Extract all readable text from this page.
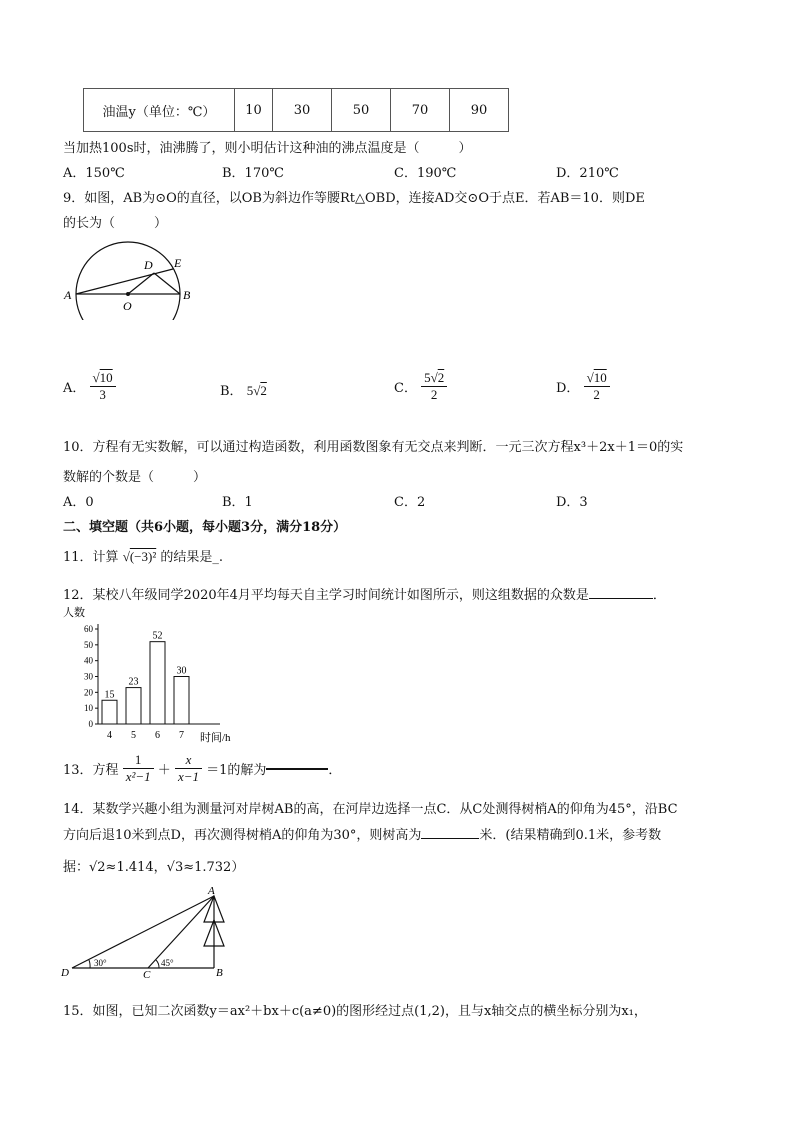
油温y（单位：℃）	10	30	50	70	90
当加热100s时，油沸腾了，则小明估计这种油的沸点温度是（　　　）
A．150℃	B．170℃	C．190℃	D．210℃
9．如图，AB为⊙O的直径，以OB为斜边作等腰Rt△OBD，连接AD交⊙O于点E．若AB＝10．则DE
的长为（　　　）
A	B
D E
O
A． $\frac{√10}{3}$	B． 5√2	C． $\frac{5√2}{2}$	D． $\frac{√10}{2}$
10．方程有无实数解，可以通过构造函数，利用函数图象有无交点来判断．一元三次方程x³＋2x＋1＝0的实
数解的个数是（　　　）
A．0	B．1	C．2	D．3
二、填空题（共6小题，每小题3分，满分18分）
11．计算 √(−3)² 的结果是_.
12．某校八年级同学2020年4月平均每天自主学习时间统计如图所示，则这组数据的众数是	．
人数
时间/h
0
10
20
30
40
50
60
15
4
23
5
52
6
30
7
13．方程 $\frac{1}{\text{x²−1}} + \frac{x}{x-1} =1$的解为	．
14．某数学兴趣小组为测量河对岸树AB的高，在河岸边选择一点C．从C处测得树梢A的仰角为45°，沿BC
方向后退10米到点D，再次测得树梢A的仰角为30°，则树高为	米．(结果精确到0.1米，参考数
据：√2≈1.414，√3≈1.732）
D	C	B
A
30°	45°
15．如图，已知二次函数y＝ax²＋bx＋c(a≠0)的图形经过点(1,2)，且与x轴交点的横坐标分别为x₁，
